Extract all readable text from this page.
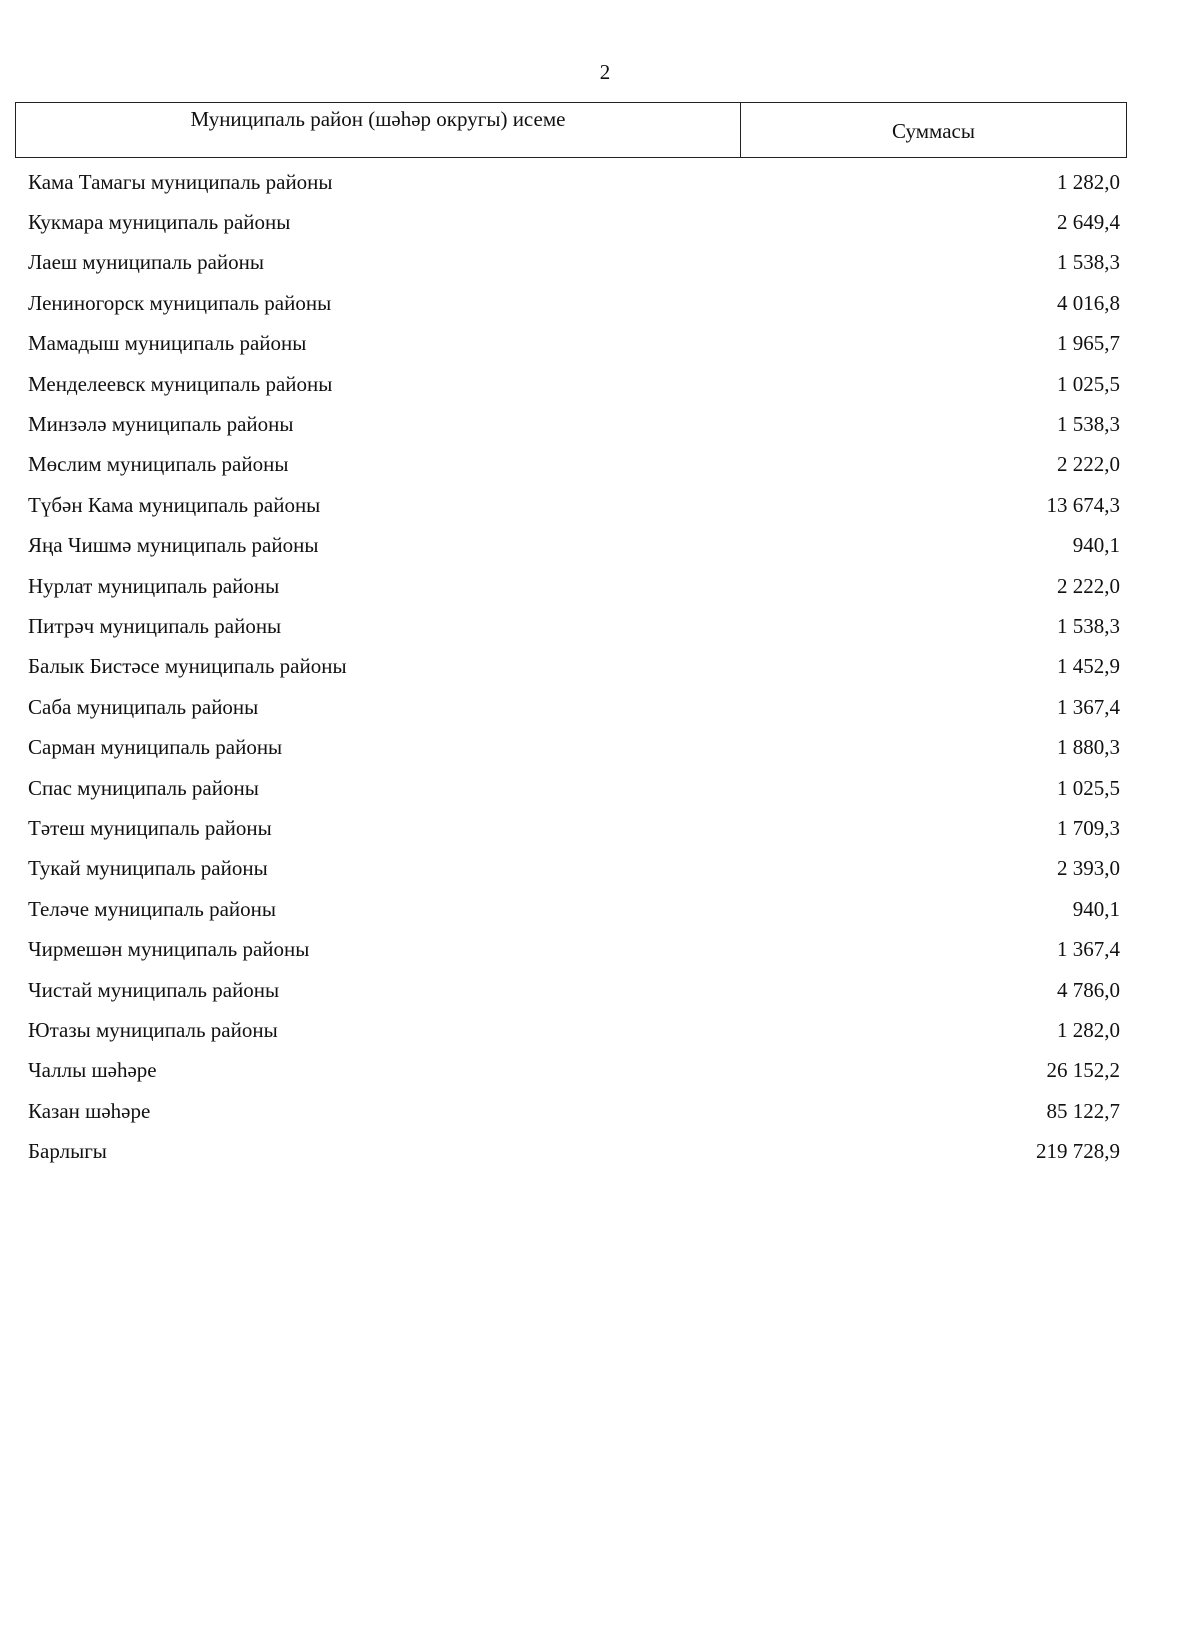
2
Муниципаль район (шәһәр округы) исеме	Суммасы
Кама Тамагы муниципаль районы	1 282,0
Кукмара муниципаль районы	2 649,4
Лаеш муниципаль районы	1 538,3
Лениногорск муниципаль районы	4 016,8
Мамадыш муниципаль районы	1 965,7
Менделеевск муниципаль районы	1 025,5
Минзәлә муниципаль районы	1 538,3
Мөслим муниципаль районы	2 222,0
Түбән Кама муниципаль районы	13 674,3
Яңа Чишмә муниципаль районы	940,1
Нурлат муниципаль районы	2 222,0
Питрәч муниципаль районы	1 538,3
Балык Бистәсе муниципаль районы	1 452,9
Саба муниципаль районы	1 367,4
Сарман муниципаль районы	1 880,3
Спас муниципаль районы	1 025,5
Тәтеш муниципаль районы	1 709,3
Тукай муниципаль районы	2 393,0
Теләче муниципаль районы	940,1
Чирмешән муниципаль районы	1 367,4
Чистай муниципаль районы	4 786,0
Ютазы муниципаль районы	1 282,0
Чаллы шәһәре	26 152,2
Казан шәһәре	85 122,7
Барлыгы	219 728,9
